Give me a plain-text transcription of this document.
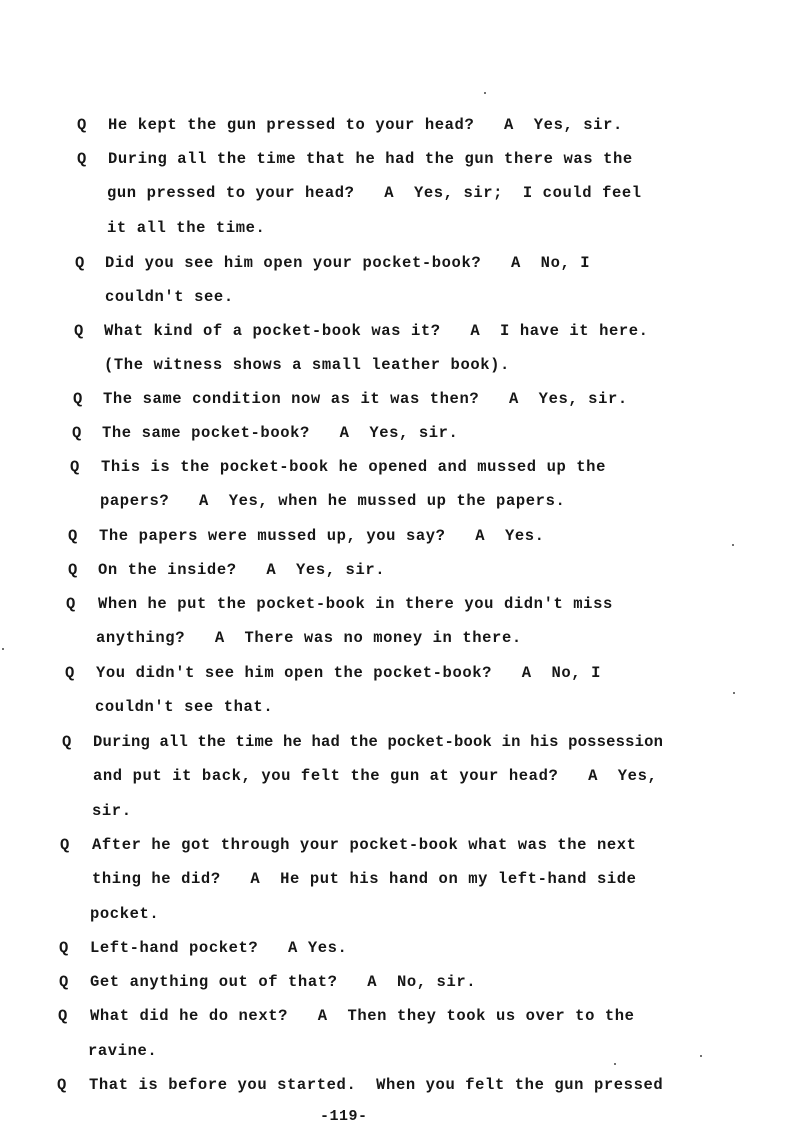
Q He kept the gun pressed to your head?   A  Yes, sir.
Q During all the time that he had the gun there was the
gun pressed to your head?   A  Yes, sir;  I could feel
it all the time.
Q Did you see him open your pocket-book?   A  No, I
couldn't see.
Q What kind of a pocket-book was it?   A  I have it here.
(The witness shows a small leather book).
Q The same condition now as it was then?   A  Yes, sir.
Q The same pocket-book?   A  Yes, sir.
Q This is the pocket-book he opened and mussed up the
papers?   A  Yes, when he mussed up the papers.
Q The papers were mussed up, you say?   A  Yes.
Q On the inside?   A  Yes, sir.
Q When he put the pocket-book in there you didn't miss
anything?   A  There was no money in there.
Q You didn't see him open the pocket-book?   A  No, I
couldn't see that.
Q During all the time he had the pocket-book in his possession
and put it back, you felt the gun at your head?   A  Yes,
sir.
Q After he got through your pocket-book what was the next
thing he did?   A  He put his hand on my left-hand side
pocket.
Q Left-hand pocket?   A Yes.
Q Get anything out of that?   A  No, sir.
Q What did he do next?   A  Then they took us over to the
ravine.
Q That is before you started.  When you felt the gun pressed
-119-
